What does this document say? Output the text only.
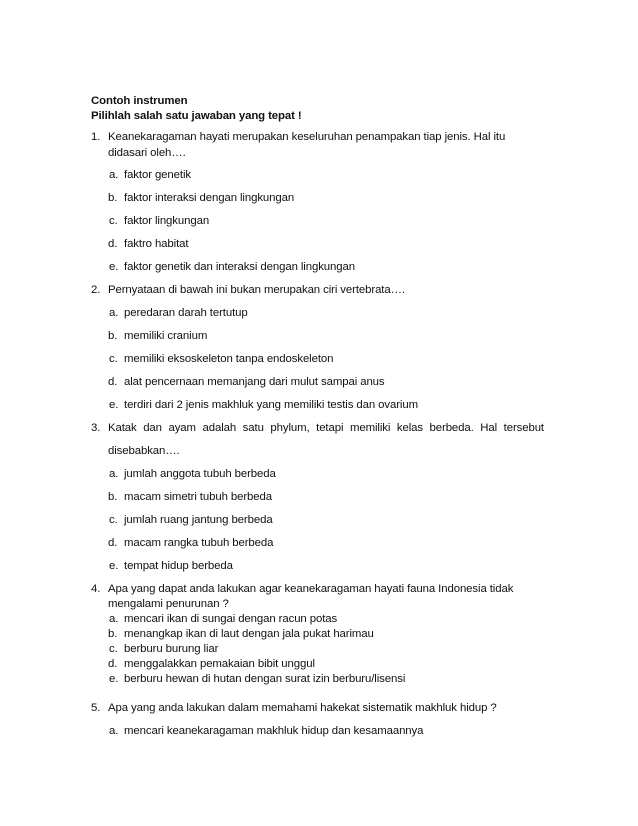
Contoh instrumen
Pilihlah salah satu jawaban yang tepat !
1. Keanekaragaman hayati merupakan keseluruhan penampakan tiap jenis. Hal itu
didasari oleh….
a. faktor genetik
b. faktor interaksi dengan lingkungan
c. faktor lingkungan
d. faktro habitat
e. faktor genetik dan interaksi dengan lingkungan
2. Pernyataan di bawah ini bukan merupakan ciri vertebrata….
a. peredaran darah tertutup
b. memiliki cranium
c. memiliki eksoskeleton tanpa endoskeleton
d. alat pencernaan memanjang dari mulut sampai anus
e. terdiri dari 2 jenis makhluk yang memiliki testis dan ovarium
3. Katak dan ayam adalah satu phylum, tetapi memiliki kelas berbeda. Hal tersebut
disebabkan….
a. jumlah anggota tubuh berbeda
b. macam simetri tubuh berbeda
c. jumlah ruang jantung berbeda
d. macam rangka tubuh berbeda
e. tempat hidup berbeda
4. Apa yang dapat anda lakukan agar keanekaragaman hayati fauna Indonesia tidak
mengalami penurunan ?
a. mencari ikan di sungai dengan racun potas
b. menangkap ikan di laut dengan jala pukat harimau
c. berburu burung liar
d. menggalakkan pemakaian bibit unggul
e. berburu hewan di hutan dengan surat izin berburu/lisensi
5. Apa yang anda lakukan dalam memahami hakekat sistematik makhluk hidup ?
a. mencari keanekaragaman makhluk hidup dan kesamaannya
